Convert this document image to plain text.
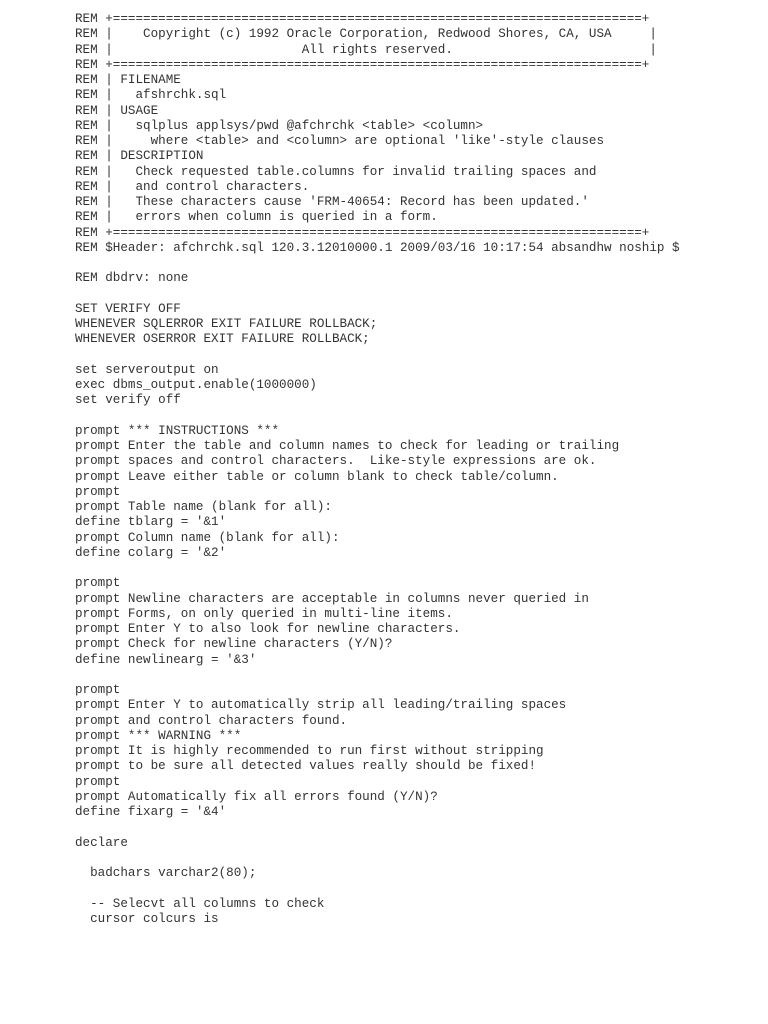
REM +======================================================================+
REM |    Copyright (c) 1992 Oracle Corporation, Redwood Shores, CA, USA     |
REM |                         All rights reserved.                          |
REM +======================================================================+
REM | FILENAME
REM |   afshrchk.sql
REM | USAGE
REM |   sqlplus applsys/pwd @afchrchk <table> <column>
REM |     where <table> and <column> are optional 'like'-style clauses
REM | DESCRIPTION
REM |   Check requested table.columns for invalid trailing spaces and
REM |   and control characters.
REM |   These characters cause 'FRM-40654: Record has been updated.'
REM |   errors when column is queried in a form.
REM +======================================================================+
REM $Header: afchrchk.sql 120.3.12010000.1 2009/03/16 10:17:54 absandhw noship $
REM dbdrv: none
SET VERIFY OFF
WHENEVER SQLERROR EXIT FAILURE ROLLBACK;
WHENEVER OSERROR EXIT FAILURE ROLLBACK;
set serveroutput on
exec dbms_output.enable(1000000)
set verify off
prompt *** INSTRUCTIONS ***
prompt Enter the table and column names to check for leading or trailing
prompt spaces and control characters.  Like-style expressions are ok.
prompt Leave either table or column blank to check table/column.
prompt
prompt Table name (blank for all):
define tblarg = '&1'
prompt Column name (blank for all):
define colarg = '&2'
prompt
prompt Newline characters are acceptable in columns never queried in
prompt Forms, on only queried in multi-line items.
prompt Enter Y to also look for newline characters.
prompt Check for newline characters (Y/N)?
define newlinearg = '&3'
prompt
prompt Enter Y to automatically strip all leading/trailing spaces
prompt and control characters found.
prompt *** WARNING ***
prompt It is highly recommended to run first without stripping
prompt to be sure all detected values really should be fixed!
prompt
prompt Automatically fix all errors found (Y/N)?
define fixarg = '&4'
declare
badchars varchar2(80);
-- Selecvt all columns to check
cursor colcurs is
